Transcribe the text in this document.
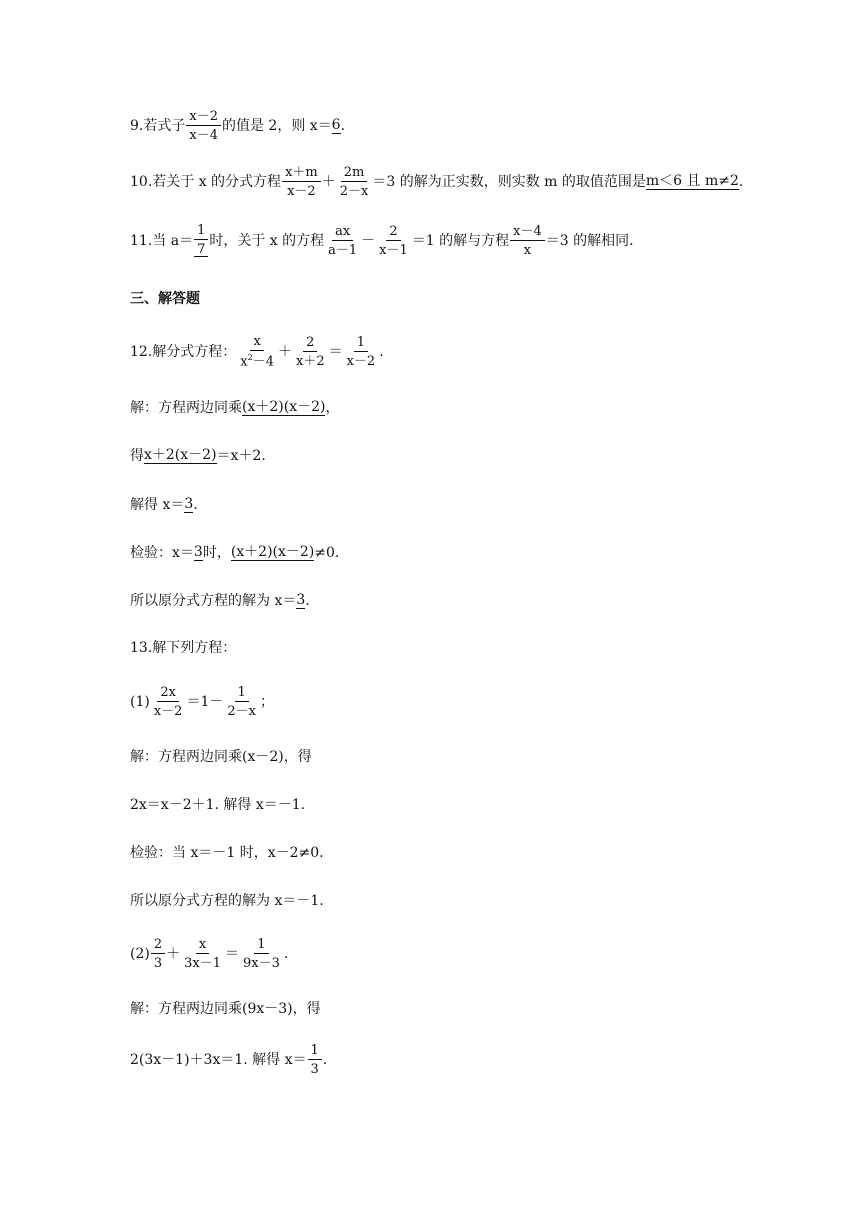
9. 若式子 $\frac{x-2}{x-4}$ 的值是 2，则 x＝ 6 .
10. 若关于 x 的分式方程 $\frac{x+m}{x-2} + \frac{2m}{2-x} =3$ 的解为正实数，则实数 m 的取值范围是 m＜6 且 m≠2 .
11. 当 $a= \frac{1}{7}$ 时，关于 x 的方程 $\frac{ax}{a-1} - \frac{2}{x-1} =1$ 的解与方程 $\frac{x-4}{x} =3$ 的解相同.
三、解答题
12. 解分式方程： $\frac{x}{x^2-4} + \frac{2}{x+2} = \frac{1}{x-2}$ .
解：方程两边同乘 (x＋2)(x－2) ，
得 x＋2(x－2) ＝x＋2.
解得 x＝ 3 .
检验：x＝ 3 时， (x＋2)(x－2) ≠0.
所以原分式方程的解为 x＝ 3 .
13.解下列方程：
$(1) \frac{2x}{x-2} =1- \frac{1}{2-x}$ ；
解：方程两边同乘(x－2)，得
2x＝x－2＋1. 解得 x＝－1.
检验：当 x＝－1 时，x－2≠0.
所以原分式方程的解为 x＝－1.
$(2) \frac{2}{3} + \frac{x}{3x-1} = \frac{1}{9x-3}$ .
解：方程两边同乘(9x－3)，得
2(3x－1)＋3x＝1. 解得 $x= \frac{1}{3}$ .
